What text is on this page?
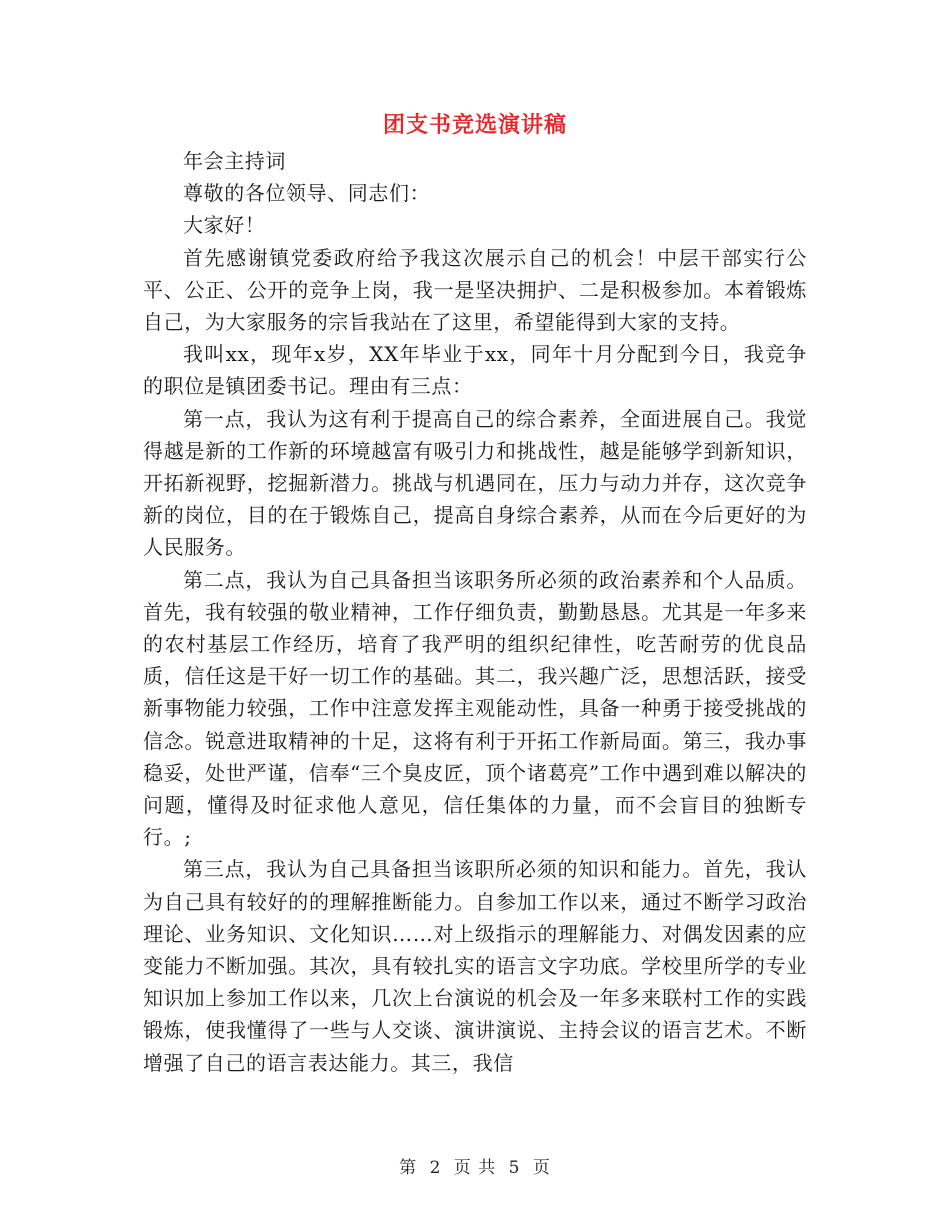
团支书竞选演讲稿

年会主持词

尊敬的各位领导、同志们：

大家好！

首先感谢镇党委政府给予我这次展示自己的机会！中层干部实行公平、公正、公开的竞争上岗，我一是坚决拥护、二是积极参加。本着锻炼自己，为大家服务的宗旨我站在了这里，希望能得到大家的支持。

我叫xx，现年x岁，XX年毕业于xx，同年十月分配到今日，我竞争的职位是镇团委书记。理由有三点：

第一点，我认为这有利于提高自己的综合素养，全面进展自己。我觉得越是新的工作新的环境越富有吸引力和挑战性，越是能够学到新知识，开拓新视野，挖掘新潜力。挑战与机遇同在，压力与动力并存，这次竞争新的岗位，目的在于锻炼自己，提高自身综合素养，从而在今后更好的为人民服务。

第二点，我认为自己具备担当该职务所必须的政治素养和个人品质。首先，我有较强的敬业精神，工作仔细负责，勤勤恳恳。尤其是一年多来的农村基层工作经历，培育了我严明的组织纪律性，吃苦耐劳的优良品质，信任这是干好一切工作的基础。其二，我兴趣广泛，思想活跃，接受新事物能力较强，工作中注意发挥主观能动性，具备一种勇于接受挑战的信念。锐意进取精神的十足，这将有利于开拓工作新局面。第三，我办事稳妥，处世严谨，信奉“三个臭皮匠，顶个诸葛亮”工作中遇到难以解决的问题，懂得及时征求他人意见，信任集体的力量，而不会盲目的独断专行。;

第三点，我认为自己具备担当该职所必须的知识和能力。首先，我认为自己具有较好的的理解推断能力。自参加工作以来，通过不断学习政治理论、业务知识、文化知识……对上级指示的理解能力、对偶发因素的应变能力不断加强。其次，具有较扎实的语言文字功底。学校里所学的专业知识加上参加工作以来，几次上台演说的机会及一年多来联村工作的实践锻炼，使我懂得了一些与人交谈、演讲演说、主持会议的语言艺术。不断增强了自己的语言表达能力。其三，我信

第 2 页 共 5 页
